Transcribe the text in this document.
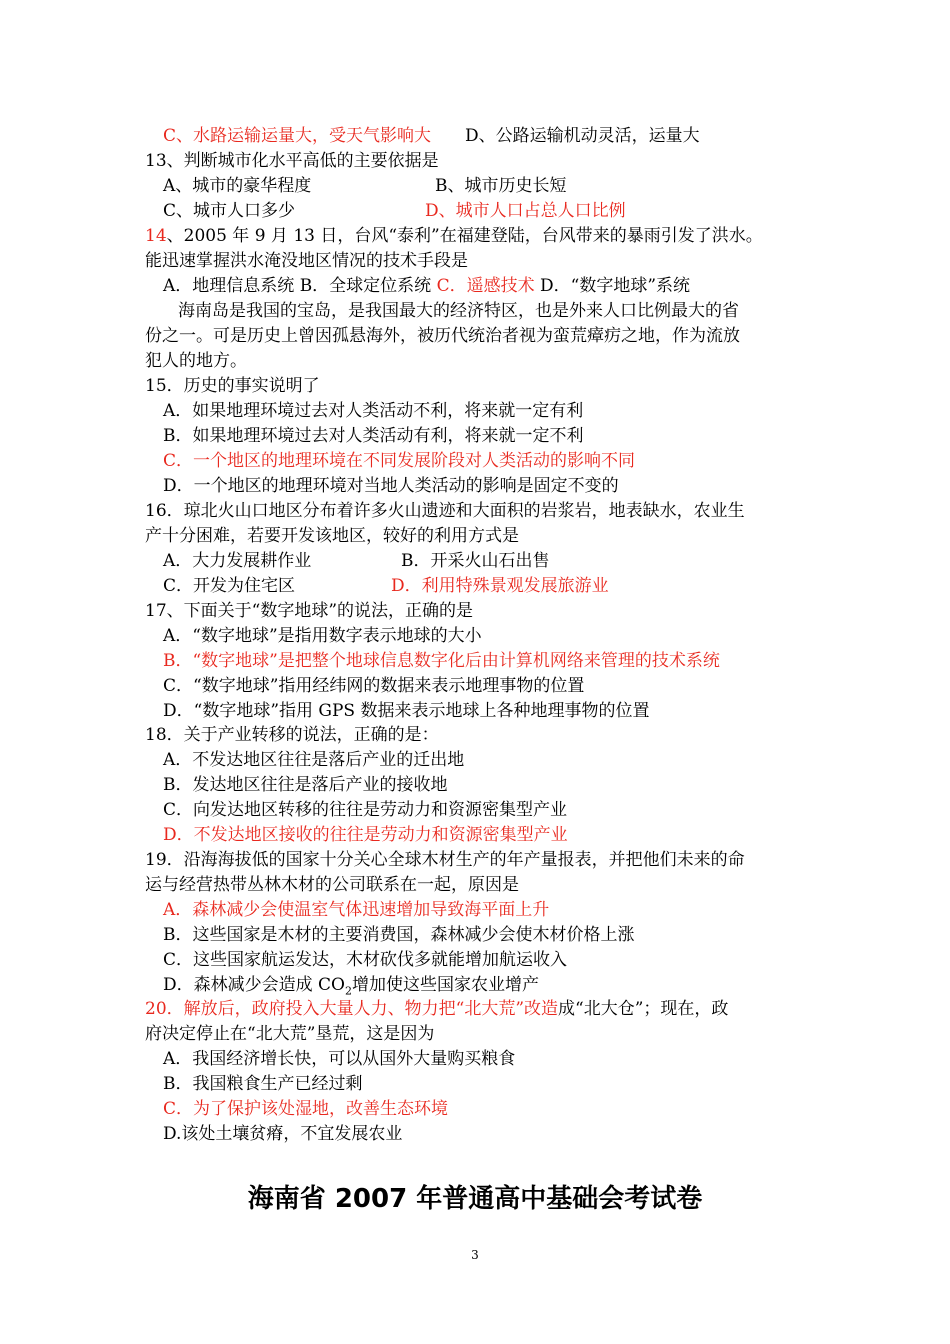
C、水路运输运量大，受天气影响大 D、公路运输机动灵活，运量大
13、判断城市化水平高低的主要依据是
A、城市的豪华程度	B、城市历史长短
C、城市人口多少	D、城市人口占总人口比例
14、2005 年 9 月 13 日，台风“泰利”在福建登陆，台风带来的暴雨引发了洪水。
能迅速掌握洪水淹没地区情况的技术手段是
A．地理信息系统 B．全球定位系统 C．遥感技术 D．“数字地球”系统
海南岛是我国的宝岛，是我国最大的经济特区，也是外来人口比例最大的省
份之一。可是历史上曾因孤悬海外，被历代统治者视为蛮荒瘴疠之地，作为流放
犯人的地方。
15．历史的事实说明了
A．如果地理环境过去对人类活动不利，将来就一定有利
B．如果地理环境过去对人类活动有利，将来就一定不利
C．一个地区的地理环境在不同发展阶段对人类活动的影响不同
D．一个地区的地理环境对当地人类活动的影响是固定不变的
16．琼北火山口地区分布着许多火山遗迹和大面积的岩浆岩，地表缺水，农业生
产十分困难，若要开发该地区，较好的利用方式是
A．大力发展耕作业	B．开采火山石出售
C．开发为住宅区	D．利用特殊景观发展旅游业
17、下面关于“数字地球”的说法，正确的是
A．“数字地球”是指用数字表示地球的大小
B．“数字地球”是把整个地球信息数字化后由计算机网络来管理的技术系统
C．“数字地球”指用经纬网的数据来表示地理事物的位置
D．“数字地球”指用 GPS 数据来表示地球上各种地理事物的位置
18．关于产业转移的说法，正确的是：
A．不发达地区往往是落后产业的迁出地
B．发达地区往往是落后产业的接收地
C．向发达地区转移的往往是劳动力和资源密集型产业
D．不发达地区接收的往往是劳动力和资源密集型产业
19．沿海海拔低的国家十分关心全球木材生产的年产量报表，并把他们未来的命
运与经营热带丛林木材的公司联系在一起，原因是
A．森林减少会使温室气体迅速增加导致海平面上升
B．这些国家是木材的主要消费国，森林减少会使木材价格上涨
C．这些国家航运发达，木材砍伐多就能增加航运收入
D．森林减少会造成 $CO_2$增加使这些国家农业增产
20．解放后，政府投入大量人力、物力把“北大荒”改造成“北大仓”；现在，政
府决定停止在“北大荒”垦荒，这是因为
A．我国经济增长快，可以从国外大量购买粮食
B．我国粮食生产已经过剩
C．为了保护该处湿地，改善生态环境
D.该处土壤贫瘠，不宜发展农业
海南省 2007 年普通高中基础会考试卷
3
